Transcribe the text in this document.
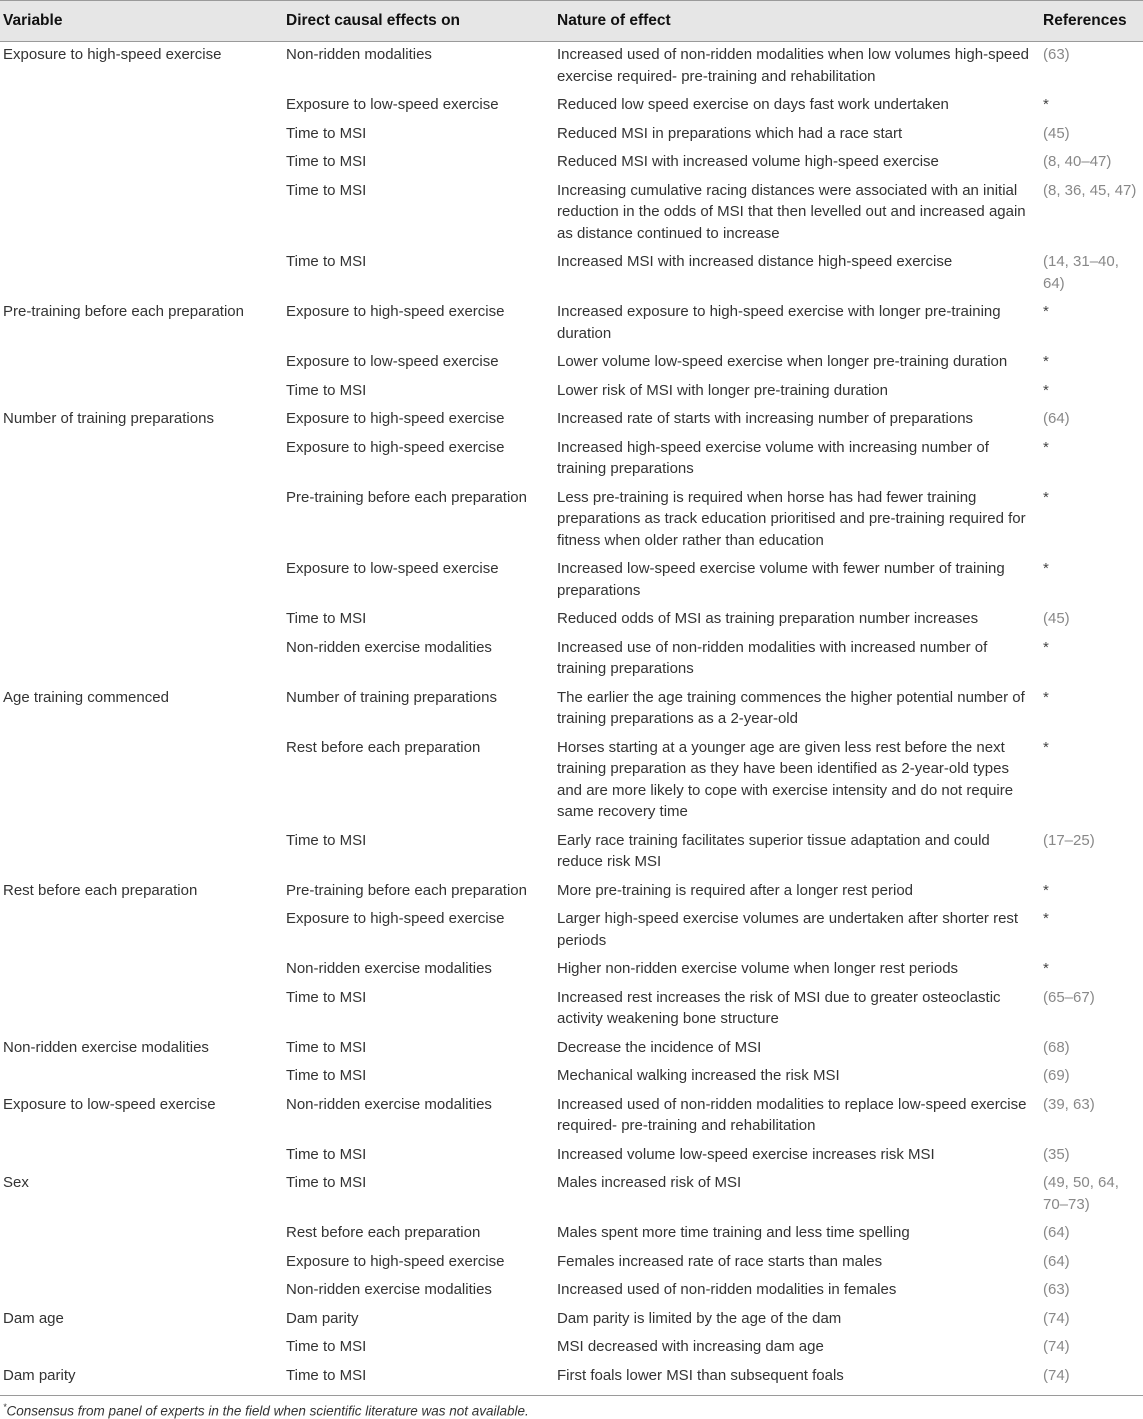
Variable	Direct causal effects on	Nature of effect	References
Exposure to high-speed exercise	Non-ridden modalities	Increased used of non-ridden modalities when low volumes high-speed exercise required- pre-training and rehabilitation	(63)
	Exposure to low-speed exercise	Reduced low speed exercise on days fast work undertaken	*
	Time to MSI	Reduced MSI in preparations which had a race start	(45)
	Time to MSI	Reduced MSI with increased volume high-speed exercise	(8, 40–47)
	Time to MSI	Increasing cumulative racing distances were associated with an initial reduction in the odds of MSI that then levelled out and increased again as distance continued to increase	(8, 36, 45, 47)
	Time to MSI	Increased MSI with increased distance high-speed exercise	(14, 31–40, 64)
Pre-training before each preparation	Exposure to high-speed exercise	Increased exposure to high-speed exercise with longer pre-training duration	*
	Exposure to low-speed exercise	Lower volume low-speed exercise when longer pre-training duration	*
	Time to MSI	Lower risk of MSI with longer pre-training duration	*
Number of training preparations	Exposure to high-speed exercise	Increased rate of starts with increasing number of preparations	(64)
	Exposure to high-speed exercise	Increased high-speed exercise volume with increasing number of training preparations	*
	Pre-training before each preparation	Less pre-training is required when horse has had fewer training preparations as track education prioritised and pre-training required for fitness when older rather than education	*
	Exposure to low-speed exercise	Increased low-speed exercise volume with fewer number of training preparations	*
	Time to MSI	Reduced odds of MSI as training preparation number increases	(45)
	Non-ridden exercise modalities	Increased use of non-ridden modalities with increased number of training preparations	*
Age training commenced	Number of training preparations	The earlier the age training commences the higher potential number of training preparations as a 2-year-old	*
	Rest before each preparation	Horses starting at a younger age are given less rest before the next training preparation as they have been identified as 2-year-old types and are more likely to cope with exercise intensity and do not require same recovery time	*
	Time to MSI	Early race training facilitates superior tissue adaptation and could reduce risk MSI	(17–25)
Rest before each preparation	Pre-training before each preparation	More pre-training is required after a longer rest period	*
	Exposure to high-speed exercise	Larger high-speed exercise volumes are undertaken after shorter rest periods	*
	Non-ridden exercise modalities	Higher non-ridden exercise volume when longer rest periods	*
	Time to MSI	Increased rest increases the risk of MSI due to greater osteoclastic activity weakening bone structure	(65–67)
Non-ridden exercise modalities	Time to MSI	Decrease the incidence of MSI	(68)
	Time to MSI	Mechanical walking increased the risk MSI	(69)
Exposure to low-speed exercise	Non-ridden exercise modalities	Increased used of non-ridden modalities to replace low-speed exercise required- pre-training and rehabilitation	(39, 63)
	Time to MSI	Increased volume low-speed exercise increases risk MSI	(35)
Sex	Time to MSI	Males increased risk of MSI	(49, 50, 64, 70–73)
	Rest before each preparation	Males spent more time training and less time spelling	(64)
	Exposure to high-speed exercise	Females increased rate of race starts than males	(64)
	Non-ridden exercise modalities	Increased used of non-ridden modalities in females	(63)
Dam age	Dam parity	Dam parity is limited by the age of the dam	(74)
	Time to MSI	MSI decreased with increasing dam age	(74)
Dam parity	Time to MSI	First foals lower MSI than subsequent foals	(74)
*Consensus from panel of experts in the field when scientific literature was not available.
